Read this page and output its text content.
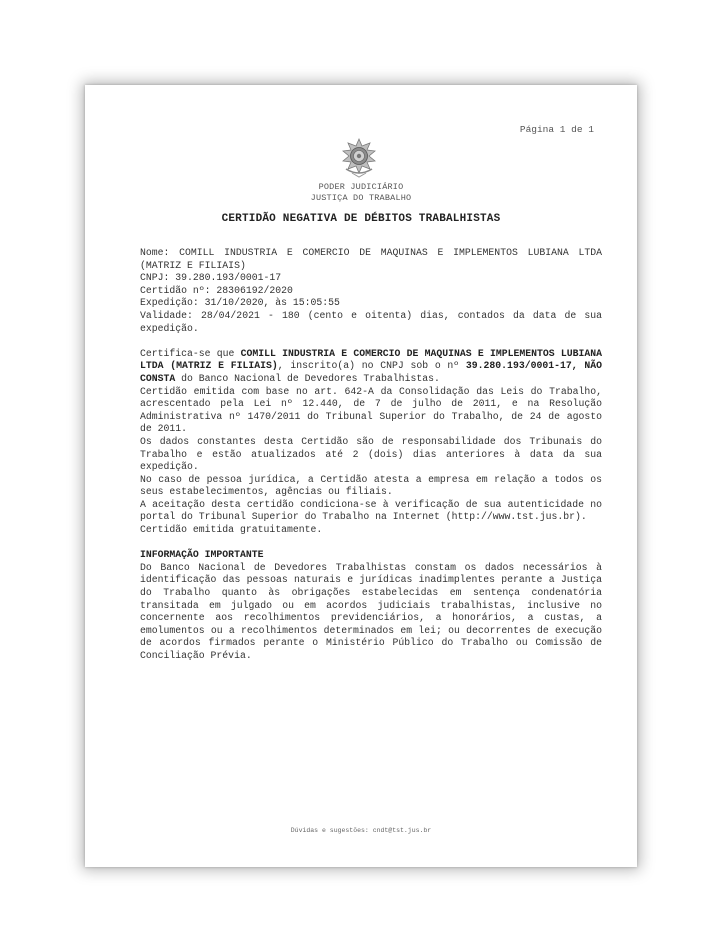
Página 1 de 1
PODER JUDICIÁRIO
JUSTIÇA DO TRABALHO
CERTIDÃO NEGATIVA DE DÉBITOS TRABALHISTAS

Nome: COMILL INDUSTRIA E COMERCIO DE MAQUINAS E IMPLEMENTOS LUBIANA LTDA (MATRIZ E FILIAIS)

CNPJ: 39.280.193/0001-17

Certidão nº: 28306192/2020

Expedição: 31/10/2020, às 15:05:55

Validade: 28/04/2021 - 180 (cento e oitenta) dias, contados da data de sua expedição.

Certifica-se que COMILL INDUSTRIA E COMERCIO DE MAQUINAS E IMPLEMENTOS LUBIANA LTDA (MATRIZ E FILIAIS), inscrito(a) no CNPJ sob o nº 39.280.193/0001-17, NÃO CONSTA do Banco Nacional de Devedores Trabalhistas.

Certidão emitida com base no art. 642-A da Consolidação das Leis do Trabalho, acrescentado pela Lei nº 12.440, de 7 de julho de 2011, e na Resolução Administrativa nº 1470/2011 do Tribunal Superior do Trabalho, de 24 de agosto de 2011.

Os dados constantes desta Certidão são de responsabilidade dos Tribunais do Trabalho e estão atualizados até 2 (dois) dias anteriores à data da sua expedição.

No caso de pessoa jurídica, a Certidão atesta a empresa em relação a todos os seus estabelecimentos, agências ou filiais.

A aceitação desta certidão condiciona-se à verificação de sua autenticidade no portal do Tribunal Superior do Trabalho na Internet (http://www.tst.jus.br).

Certidão emitida gratuitamente.

INFORMAÇÃO IMPORTANTE

Do Banco Nacional de Devedores Trabalhistas constam os dados necessários à identificação das pessoas naturais e jurídicas inadimplentes perante a Justiça do Trabalho quanto às obrigações estabelecidas em sentença condenatória transitada em julgado ou em acordos judiciais trabalhistas, inclusive no concernente aos recolhimentos previdenciários, a honorários, a custas, a emolumentos ou a recolhimentos determinados em lei; ou decorrentes de execução de acordos firmados perante o Ministério Público do Trabalho ou Comissão de Conciliação Prévia.

Dúvidas e sugestões: cndt@tst.jus.br
